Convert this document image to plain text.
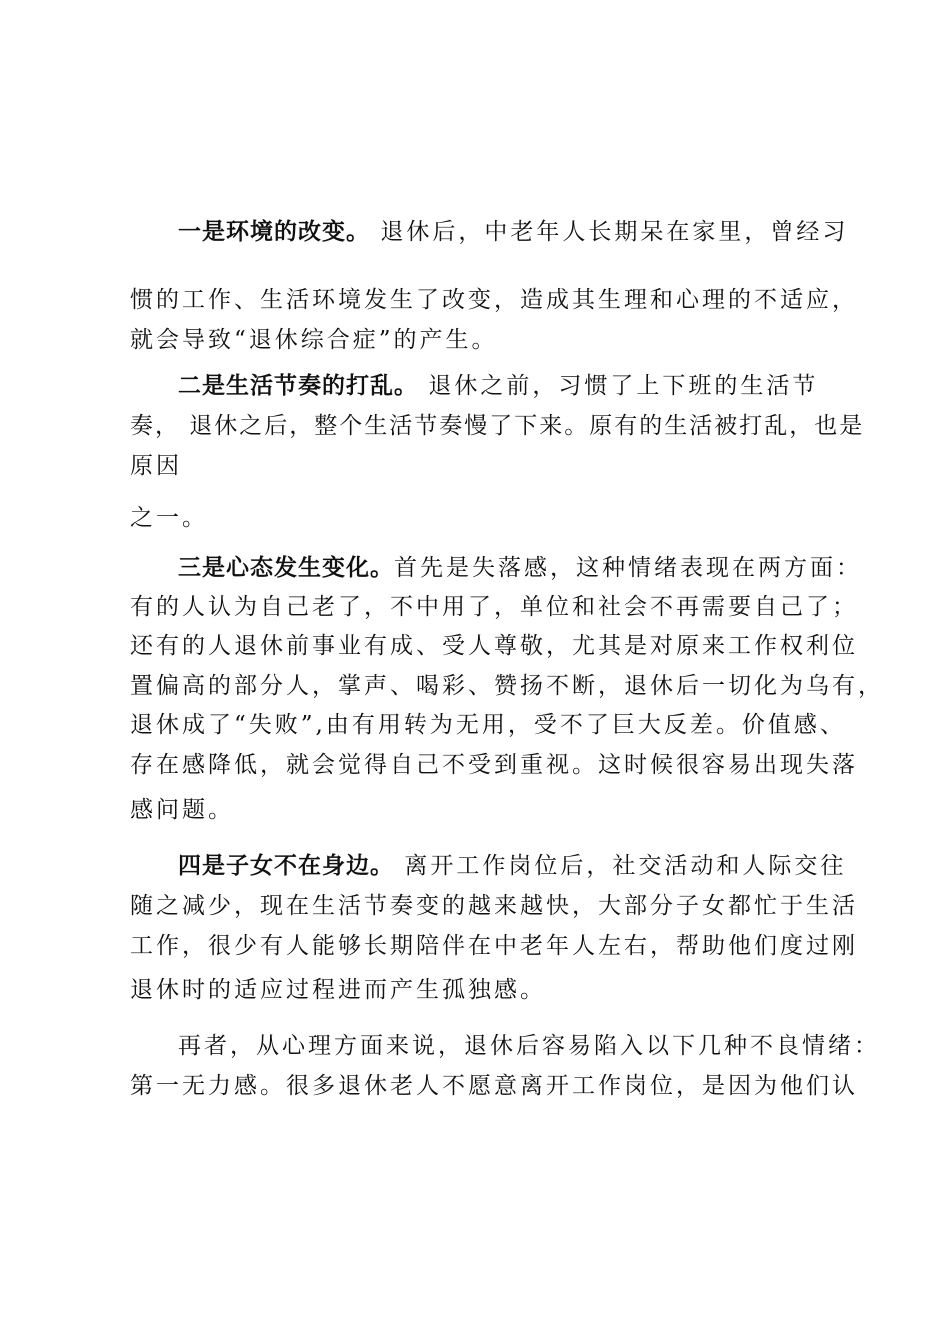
一是环境的改变。 退休后，中老年人长期呆在家里，曾经习
惯的工作、生活环境发生了改变，造成其生理和心理的不适应，
就会导致“退休综合症”的产生。
二是生活节奏的打乱。 退休之前，习惯了上下班的生活节
奏， 退休之后，整个生活节奏慢了下来。原有的生活被打乱，也是
原因
之一。
三是心态发生变化。首先是失落感，这种情绪表现在两方面：
有的人认为自己老了，不中用了，单位和社会不再需要自己了；
还有的人退休前事业有成、受人尊敬，尤其是对原来工作权利位
置偏高的部分人，掌声、喝彩、赞扬不断，退休后一切化为乌有，
退休成了“失败”,由有用转为无用，受不了巨大反差。价值感、
存在感降低，就会觉得自己不受到重视。这时候很容易出现失落
感问题。
四是子女不在身边。 离开工作岗位后，社交活动和人际交往
随之减少，现在生活节奏变的越来越快，大部分子女都忙于生活
工作，很少有人能够长期陪伴在中老年人左右，帮助他们度过刚
退休时的适应过程进而产生孤独感。
再者，从心理方面来说，退休后容易陷入以下几种不良情绪：
第一无力感。很多退休老人不愿意离开工作岗位，是因为他们认
